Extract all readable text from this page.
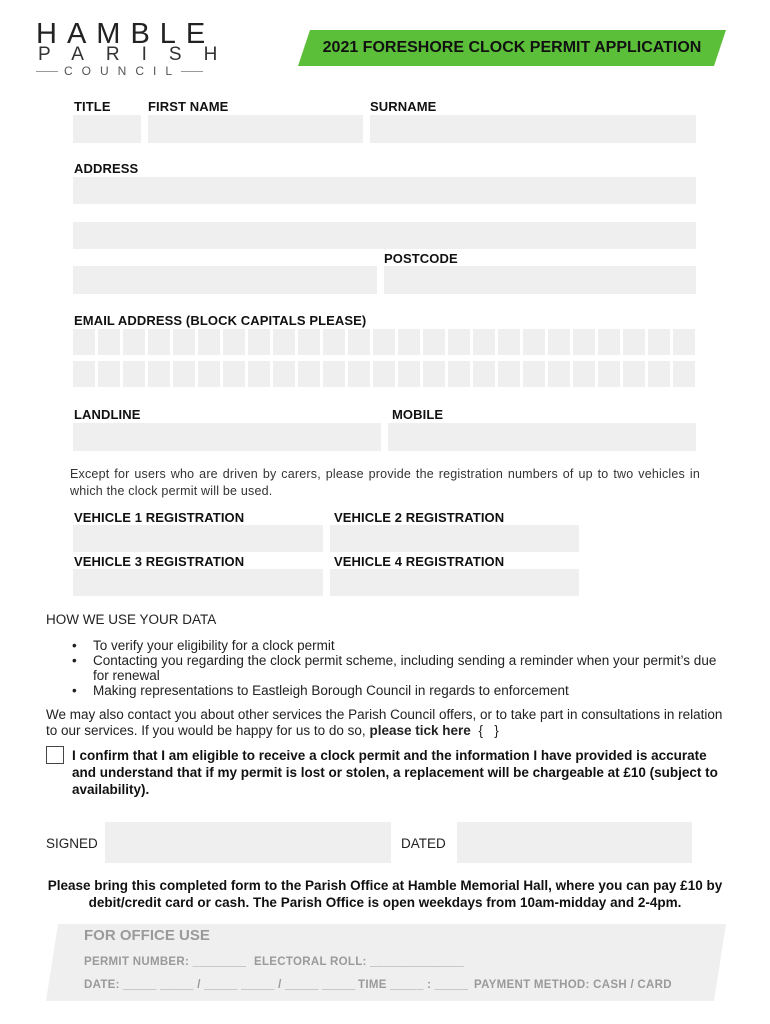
HAMBLE
PARISH
COUNCIL
2021 FORESHORE CLOCK PERMIT APPLICATION
TITLE	FIRST NAME	SURNAME
ADDRESS
POSTCODE
EMAIL ADDRESS (BLOCK CAPITALS PLEASE)
LANDLINE	MOBILE
Except for users who are driven by carers, please provide the registration numbers of up to two vehicles in which the clock permit will be used.
VEHICLE 1 REGISTRATION	VEHICLE 2 REGISTRATION
VEHICLE 3 REGISTRATION	VEHICLE 4 REGISTRATION
HOW WE USE YOUR DATA
• To verify your eligibility for a clock permit
• Contacting you regarding the clock permit scheme, including sending a reminder when your permit’s due for renewal
• Making representations to Eastleigh Borough Council in regards to enforcement
We may also contact you about other services the Parish Council offers, or to take part in consultations in relation to our services. If you would be happy for us to do so, please tick here {   }
I confirm that I am eligible to receive a clock permit and the information I have provided is accurate and understand that if my permit is lost or stolen, a replacement will be chargeable at £10 (subject to availability).
SIGNED	DATED
Please bring this completed form to the Parish Office at Hamble Memorial Hall, where you can pay £10 by debit/credit card or cash. The Parish Office is open weekdays from 10am-midday and 2-4pm.
FOR OFFICE USE
PERMIT NUMBER: ________ ELECTORAL ROLL: ______________
DATE: _____ _____ / _____ _____ / _____ _____ TIME _____ : _____ PAYMENT METHOD: CASH / CARD
